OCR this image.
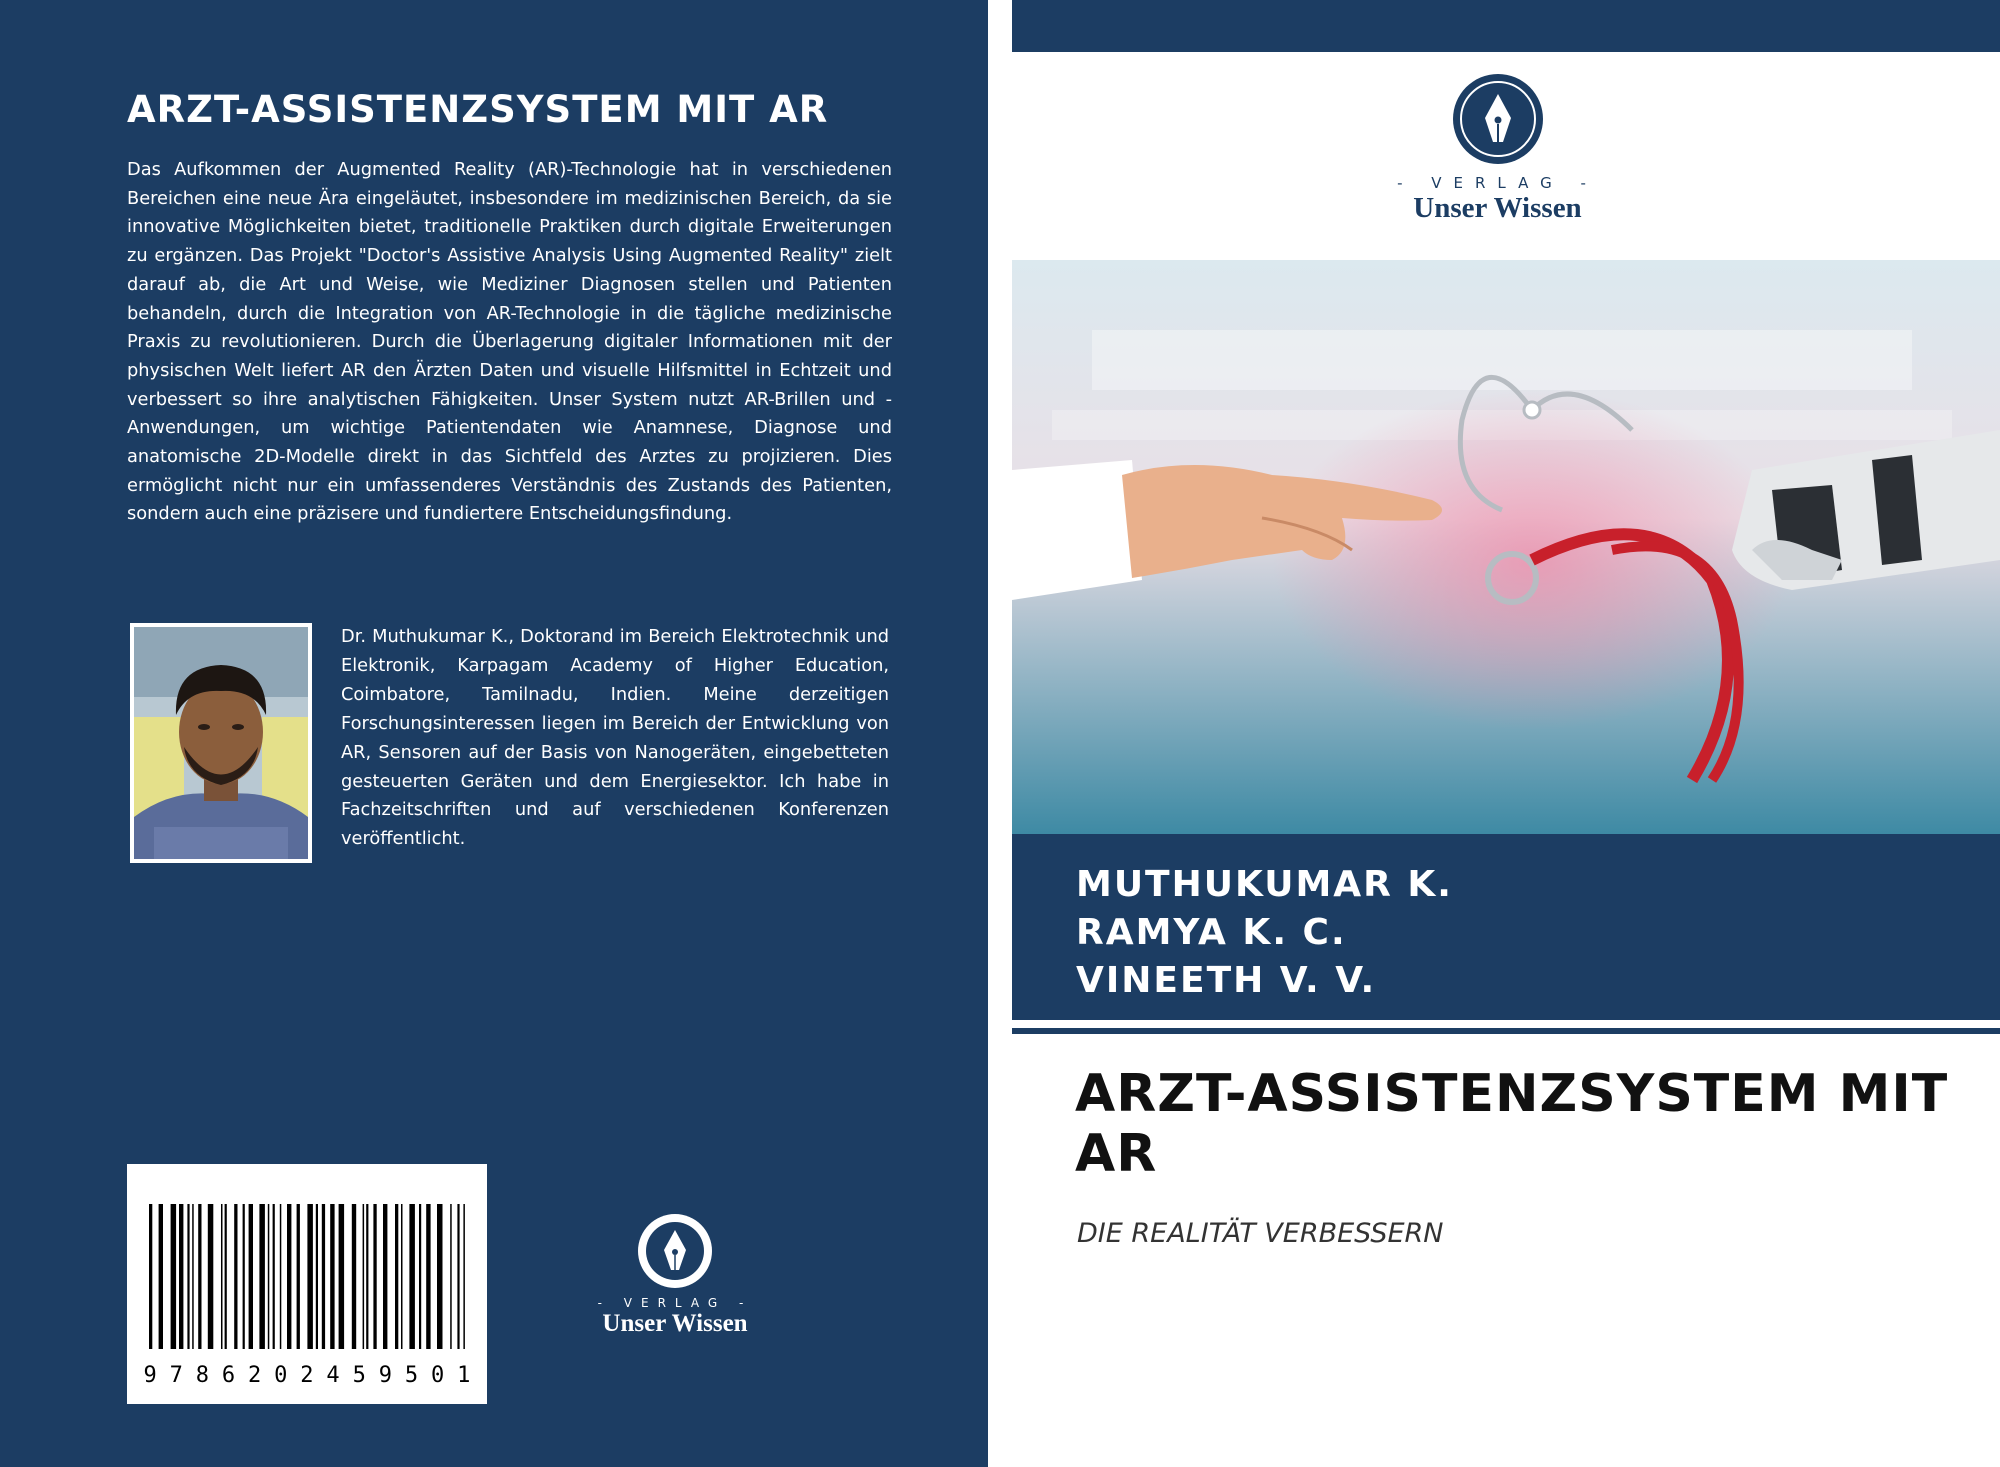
ARZT-ASSISTENZSYSTEM MIT AR

Das Aufkommen der Augmented Reality (AR)-Technologie hat in verschiedenen Bereichen eine neue Ära eingeläutet, insbesondere im medizinischen Bereich, da sie innovative Möglichkeiten bietet, traditionelle Praktiken durch digitale Erweiterungen zu ergänzen. Das Projekt "Doctor's Assistive Analysis Using Augmented Reality" zielt darauf ab, die Art und Weise, wie Mediziner Diagnosen stellen und Patienten behandeln, durch die Integration von AR-Technologie in die tägliche medizinische Praxis zu revolutionieren. Durch die Überlagerung digitaler Informationen mit der physischen Welt liefert AR den Ärzten Daten und visuelle Hilfsmittel in Echtzeit und verbessert so ihre analytischen Fähigkeiten. Unser System nutzt AR-Brillen und -Anwendungen, um wichtige Patientendaten wie Anamnese, Diagnose und anatomische 2D-Modelle direkt in das Sichtfeld des Arztes zu projizieren. Dies ermöglicht nicht nur ein umfassenderes Verständnis des Zustands des Patienten, sondern auch eine präzisere und fundiertere Entscheidungsfindung.

Dr. Muthukumar K., Doktorand im Bereich Elektrotechnik und Elektronik, Karpagam Academy of Higher Education, Coimbatore, Tamilnadu, Indien. Meine derzeitigen Forschungsinteressen liegen im Bereich der Entwicklung von AR, Sensoren auf der Basis von Nanogeräten, eingebetteten gesteuerten Geräten und dem Energiesektor. Ich habe in Fachzeitschriften und auf verschiedenen Konferenzen veröffentlicht.

9 7 8 6 2 0 2 4 5 9 5 0 1
- VERLAG -
Unser Wissen
- VERLAG -
Unser Wissen
MUTHUKUMAR K.
RAMYA K. C.
VINEETH V. V.
ARZT-ASSISTENZSYSTEM MIT AR
DIE REALITÄT VERBESSERN
